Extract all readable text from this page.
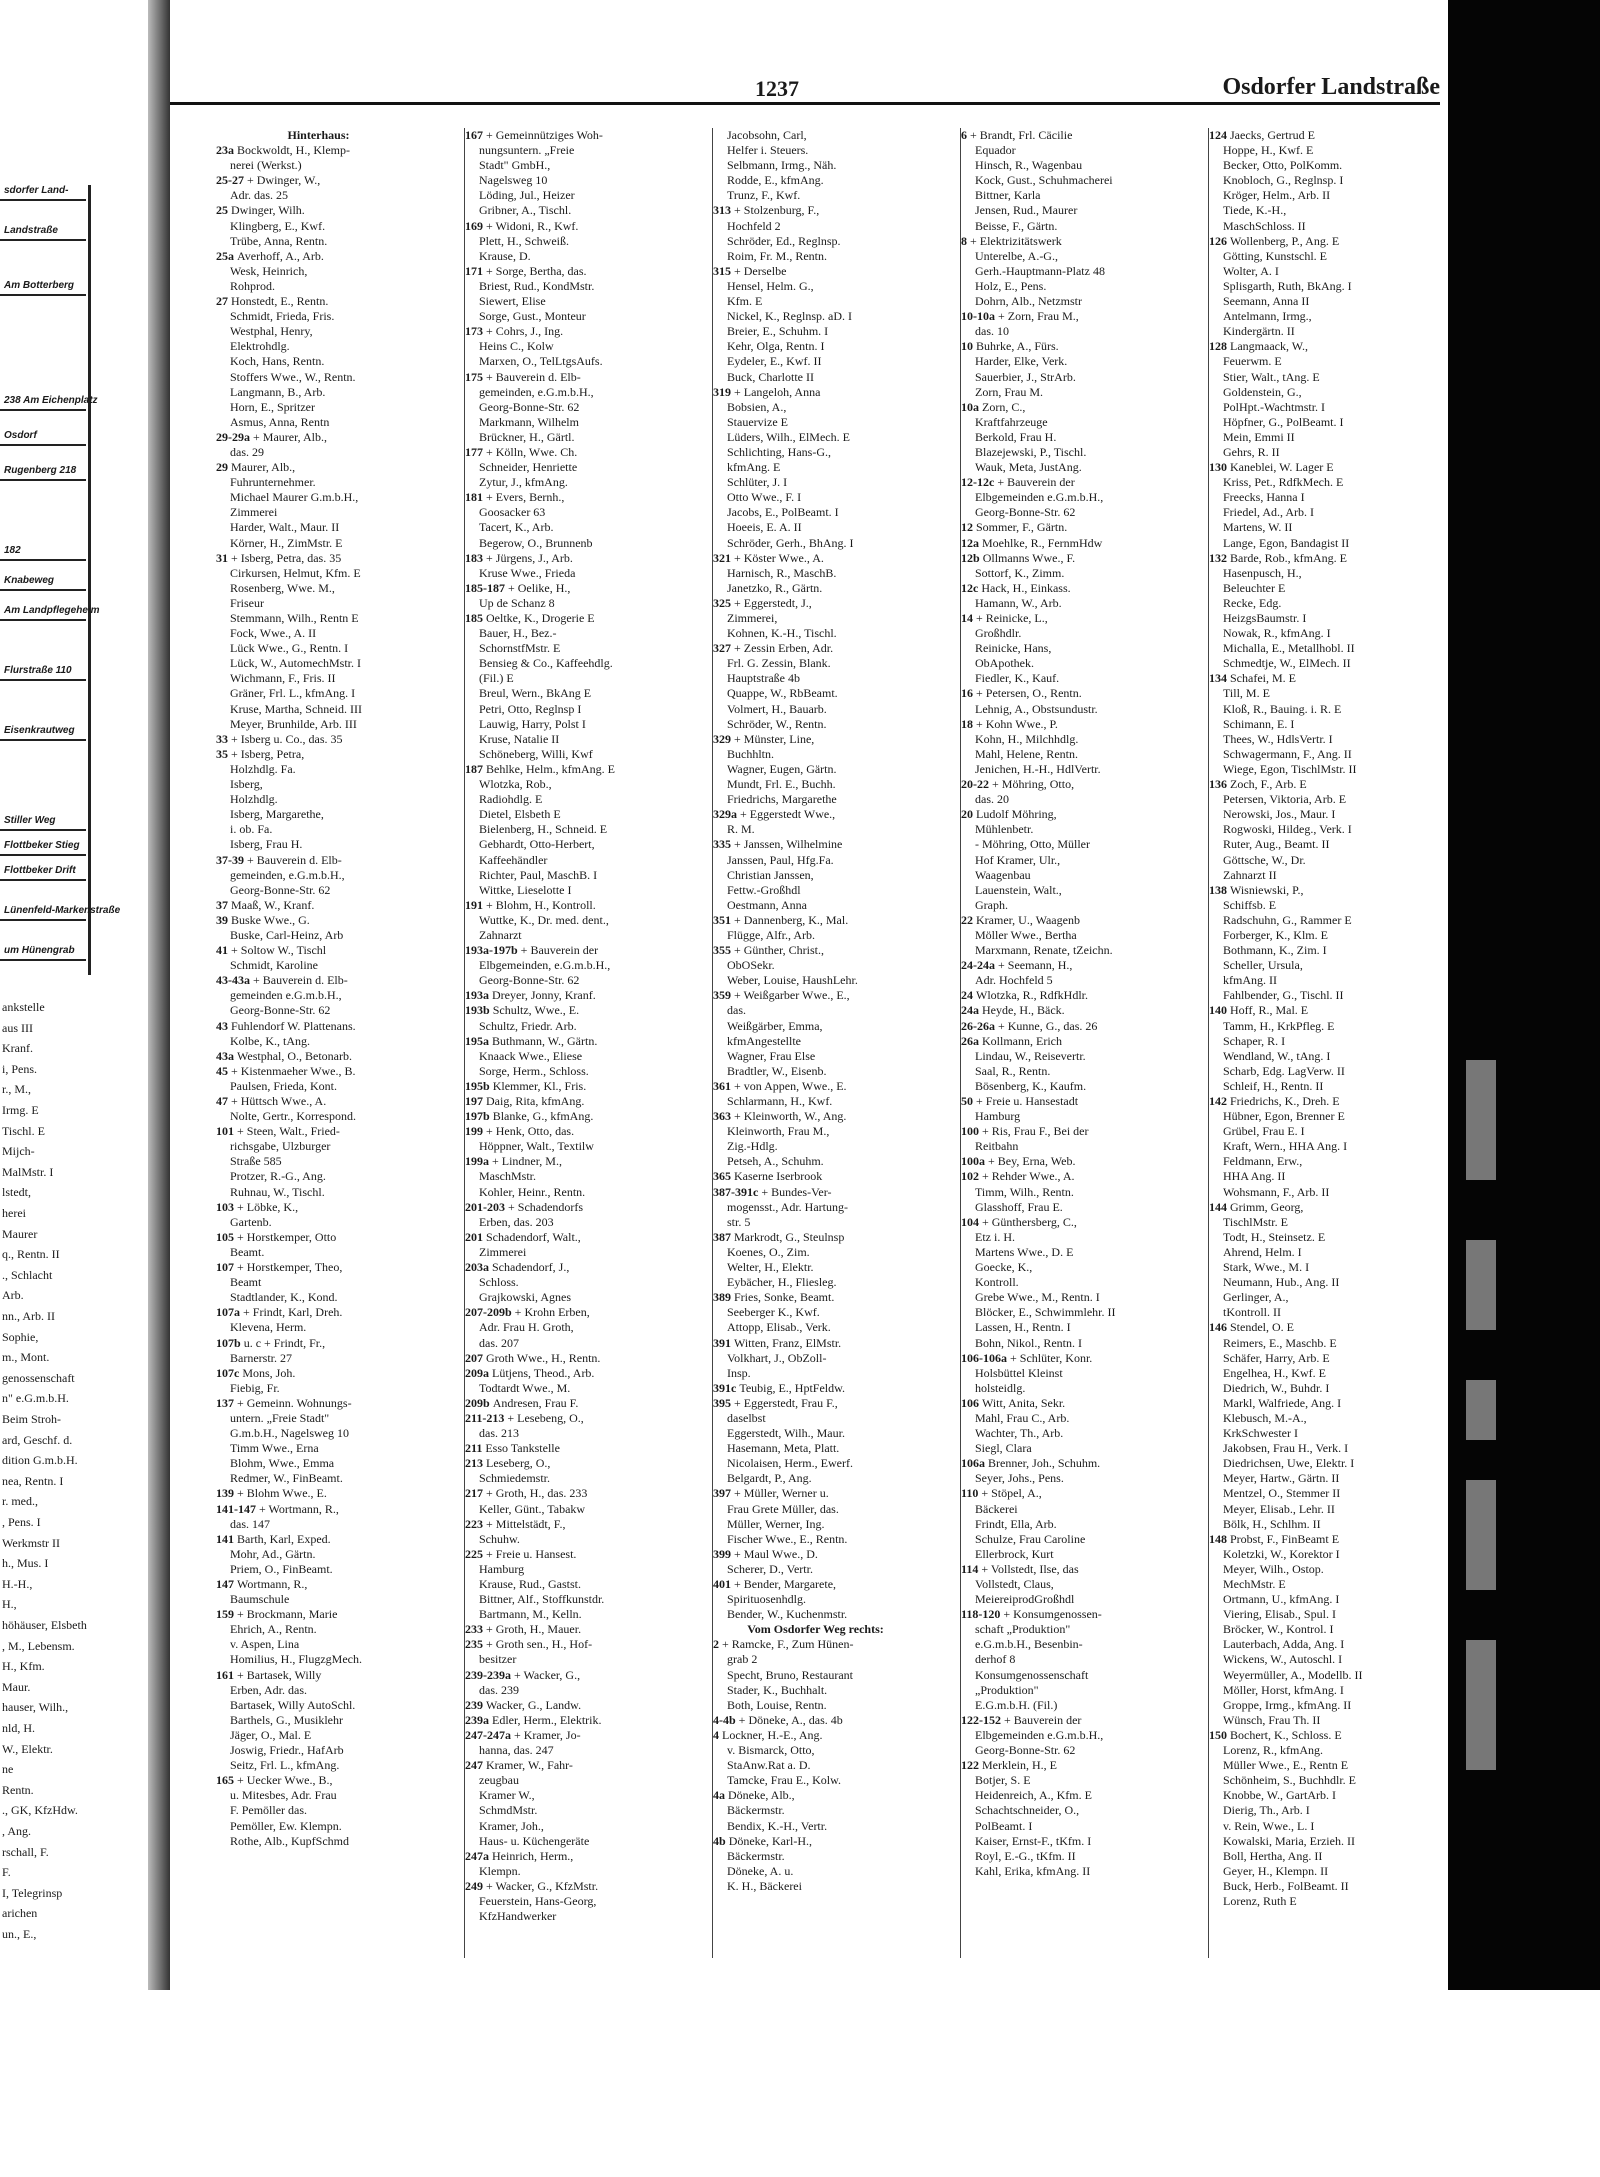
sdorfer Land-
Landstraße
Am Botterberg
238 Am Eichenplatz
Osdorf
Rugenberg 218
182
Knabeweg
Am Landpflegeheim
Flurstraße 110
Eisenkrautweg
Stiller Weg
Flottbeker Stieg
Flottbeker Drift
Lünenfeld-Markenstraße
um Hünengrab
ankstelle
aus III
Kranf.
i, Pens.
r., M.,
Irmg. E
Tischl. E
Mijch-
MalMstr. I
lstedt,
herei
Maurer
q., Rentn. II
., Schlacht
Arb.
nn., Arb. II
Sophie,
m., Mont.
genossenschaft
n" e.G.m.b.H.
Beim Stroh-
ard, Geschf. d.
dition G.m.b.H.
nea, Rentn. I
r. med.,
, Pens. I
Werkmstr II
h., Mus. I
H.-H.,
H.,
höhäuser, Elsbeth
, M., Lebensm.
H., Kfm.
Maur.
hauser, Wilh.,
nld, H.
W., Elektr.
ne
Rentn.
., GK, KfzHdw.
, Ang.
rschall, F.
F.
I, Telegrinsp
arichen
un., E.,
1237	Osdorfer Landstraße
Hinterhaus:
23a Bockwoldt, H., Klemp-
nerei (Werkst.)
25-27 + Dwinger, W.,
Adr. das. 25
25 Dwinger, Wilh.
Klingberg, E., Kwf.
Trübe, Anna, Rentn.
25a Averhoff, A., Arb.
Wesk, Heinrich,
Rohprod.
27 Honstedt, E., Rentn.
Schmidt, Frieda, Fris.
Westphal, Henry,
Elektrohdlg.
Koch, Hans, Rentn.
Stoffers Wwe., W., Rentn.
Langmann, B., Arb.
Horn, E., Spritzer
Asmus, Anna, Rentn
29-29a + Maurer, Alb.,
das. 29
29 Maurer, Alb.,
Fuhrunternehmer.
Michael Maurer G.m.b.H.,
Zimmerei
Harder, Walt., Maur. II
Körner, H., ZimMstr. E
31 + Isberg, Petra, das. 35
Cirkursen, Helmut, Kfm. E
Rosenberg, Wwe. M.,
Friseur
Stemmann, Wilh., Rentn E
Fock, Wwe., A. II
Lück Wwe., G., Rentn. I
Lück, W., AutomechMstr. I
Wichmann, F., Fris. II
Gräner, Frl. L., kfmAng. I
Kruse, Martha, Schneid. III
Meyer, Brunhilde, Arb. III
33 + Isberg u. Co., das. 35
35 + Isberg, Petra,
Holzhdlg. Fa.
Isberg,
Holzhdlg.
Isberg, Margarethe,
i. ob. Fa.
Isberg, Frau H.
37-39 + Bauverein d. Elb-
gemeinden, e.G.m.b.H.,
Georg-Bonne-Str. 62
37 Maaß, W., Kranf.
39 Buske Wwe., G.
Buske, Carl-Heinz, Arb
41 + Soltow W., Tischl
Schmidt, Karoline
43-43a + Bauverein d. Elb-
gemeinden e.G.m.b.H.,
Georg-Bonne-Str. 62
43 Fuhlendorf W. Plattenans.
Kolbe, K., tAng.
43a Westphal, O., Betonarb.
45 + Kistenmaeher Wwe., B.
Paulsen, Frieda, Kont.
47 + Hüttsch Wwe., A.
Nolte, Gertr., Korrespond.
101 + Steen, Walt., Fried-
richsgabe, Ulzburger
Straße 585
Protzer, R.-G., Ang.
Ruhnau, W., Tischl.
103 + Löbke, K.,
Gartenb.
105 + Horstkemper, Otto
Beamt.
107 + Horstkemper, Theo,
Beamt
Stadtlander, K., Kond.
107a + Frindt, Karl, Dreh.
Klevena, Herm.
107b u. c + Frindt, Fr.,
Barnerstr. 27
107c Mons, Joh.
Fiebig, Fr.
137 + Gemeinn. Wohnungs-
untern. „Freie Stadt"
G.m.b.H., Nagelsweg 10
Timm Wwe., Erna
Blohm, Wwe., Emma
Redmer, W., FinBeamt.
139 + Blohm Wwe., E.
141-147 + Wortmann, R.,
das. 147
141 Barth, Karl, Exped.
Mohr, Ad., Gärtn.
Priem, O., FinBeamt.
147 Wortmann, R.,
Baumschule
159 + Brockmann, Marie
Ehrich, A., Rentn.
v. Aspen, Lina
Homilius, H., FlugzgMech.
161 + Bartasek, Willy
Erben, Adr. das.
Bartasek, Willy AutoSchl.
Barthels, G., Musiklehr
Jäger, O., Mal. E
Joswig, Friedr., HafArb
Seitz, Frl. L., kfmAng.
165 + Uecker Wwe., B.,
u. Mitesbes, Adr. Frau
F. Pemöller das.
Pemöller, Ew. Klempn.
Rothe, Alb., KupfSchmd
167 + Gemeinnütziges Woh-
nungsuntern. „Freie
Stadt" GmbH.,
Nagelsweg 10
Löding, Jul., Heizer
Gribner, A., Tischl.
169 + Widoni, R., Kwf.
Plett, H., Schweiß.
Krause, D.
171 + Sorge, Bertha, das.
Briest, Rud., KondMstr.
Siewert, Elise
Sorge, Gust., Monteur
173 + Cohrs, J., Ing.
Heins C., Kolw
Marxen, O., TelLtgsAufs.
175 + Bauverein d. Elb-
gemeinden, e.G.m.b.H.,
Georg-Bonne-Str. 62
Markmann, Wilhelm
Brückner, H., Gärtl.
177 + Kölln, Wwe. Ch.
Schneider, Henriette
Zytur, J., kfmAng.
181 + Evers, Bernh.,
Goosacker 63
Tacert, K., Arb.
Begerow, O., Brunnenb
183 + Jürgens, J., Arb.
Kruse Wwe., Frieda
185-187 + Oelike, H.,
Up de Schanz 8
185 Oeltke, K., Drogerie E
Bauer, H., Bez.-
SchornstfMstr. E
Bensieg & Co., Kaffeehdlg.
(Fil.) E
Breul, Wern., BkAng E
Petri, Otto, Reglnsp I
Lauwig, Harry, Polst I
Kruse, Natalie II
Schöneberg, Willi, Kwf
187 Behlke, Helm., kfmAng. E
Wlotzka, Rob.,
Radiohdlg. E
Dietel, Elsbeth E
Bielenberg, H., Schneid. E
Gebhardt, Otto-Herbert,
Kaffeehändler
Richter, Paul, MaschB. I
Wittke, Lieselotte I
191 + Blohm, H., Kontroll.
Wuttke, K., Dr. med. dent.,
Zahnarzt
193a-197b + Bauverein der
Elbgemeinden, e.G.m.b.H.,
Georg-Bonne-Str. 62
193a Dreyer, Jonny, Kranf.
193b Schultz, Wwe., E.
Schultz, Friedr. Arb.
195a Buthmann, W., Gärtn.
Knaack Wwe., Eliese
Sorge, Herm., Schloss.
195b Klemmer, Kl., Fris.
197 Daig, Rita, kfmAng.
197b Blanke, G., kfmAng.
199 + Henk, Otto, das.
Höppner, Walt., Textilw
199a + Lindner, M.,
MaschMstr.
Kohler, Heinr., Rentn.
201-203 + Schadendorfs
Erben, das. 203
201 Schadendorf, Walt.,
Zimmerei
203a Schadendorf, J.,
Schloss.
Grajkowski, Agnes
207-209b + Krohn Erben,
Adr. Frau H. Groth,
das. 207
207 Groth Wwe., H., Rentn.
209a Lütjens, Theod., Arb.
Todtardt Wwe., M.
209b Andresen, Frau F.
211-213 + Lesebeng, O.,
das. 213
211 Esso Tankstelle
213 Leseberg, O.,
Schmiedemstr.
217 + Groth, H., das. 233
Keller, Günt., Tabakw
223 + Mittelstädt, F.,
Schuhw.
225 + Freie u. Hansest.
Hamburg
Krause, Rud., Gastst.
Bittner, Alf., Stoffkunstdr.
Bartmann, M., Kelln.
233 + Groth, H., Mauer.
235 + Groth sen., H., Hof-
besitzer
239-239a + Wacker, G.,
das. 239
239 Wacker, G., Landw.
239a Edler, Herm., Elektrik.
247-247a + Kramer, Jo-
hanna, das. 247
247 Kramer, W., Fahr-
zeugbau
Kramer W.,
SchmdMstr.
Kramer, Joh.,
Haus- u. Küchengeräte
247a Heinrich, Herm.,
Klempn.
249 + Wacker, G., KfzMstr.
Feuerstein, Hans-Georg,
KfzHandwerker
Jacobsohn, Carl,
Helfer i. Steuers.
Selbmann, Irmg., Näh.
Rodde, E., kfmAng.
Trunz, F., Kwf.
313 + Stolzenburg, F.,
Hochfeld 2
Schröder, Ed., Reglnsp.
Roim, Fr. M., Rentn.
315 + Derselbe
Hensel, Helm. G.,
Kfm. E
Nickel, K., Reglnsp. aD. I
Breier, E., Schuhm. I
Kehr, Olga, Rentn. I
Eydeler, E., Kwf. II
Buck, Charlotte II
319 + Langeloh, Anna
Bobsien, A.,
Stauervize E
Lüders, Wilh., ElMech. E
Schlichting, Hans-G.,
kfmAng. E
Schlüter, J. I
Otto Wwe., F. I
Jacobs, E., PolBeamt. I
Hoeeis, E. A. II
Schröder, Gerh., BhAng. I
321 + Köster Wwe., A.
Harnisch, R., MaschB.
Janetzko, R., Gärtn.
325 + Eggerstedt, J.,
Zimmerei,
Kohnen, K.-H., Tischl.
327 + Zessin Erben, Adr.
Frl. G. Zessin, Blank.
Hauptstraße 4b
Quappe, W., RbBeamt.
Volmert, H., Bauarb.
Schröder, W., Rentn.
329 + Münster, Line,
Buchhltn.
Wagner, Eugen, Gärtn.
Mundt, Frl. E., Buchh.
Friedrichs, Margarethe
329a + Eggerstedt Wwe.,
R. M.
335 + Janssen, Wilhelmine
Janssen, Paul, Hfg.Fa.
Christian Janssen,
Fettw.-Großhdl
Oestmann, Anna
351 + Dannenberg, K., Mal.
Flügge, Alfr., Arb.
355 + Günther, Christ.,
ObOSekr.
Weber, Louise, HaushLehr.
359 + Weißgarber Wwe., E.,
das.
Weißgärber, Emma,
kfmAngestellte
Wagner, Frau Else
Bradtler, W., Eisenb.
361 + von Appen, Wwe., E.
Schlarmann, H., Kwf.
363 + Kleinworth, W., Ang.
Kleinworth, Frau M.,
Zig.-Hdlg.
Petseh, A., Schuhm.
365 Kaserne Iserbrook
387-391c + Bundes-Ver-
mogensst., Adr. Hartung-
str. 5
387 Markrodt, G., Steulnsp
Koenes, O., Zim.
Welter, H., Elektr.
Eybächer, H., Fliesleg.
389 Fries, Sonke, Beamt.
Seeberger K., Kwf.
Attopp, Elisab., Verk.
391 Witten, Franz, ElMstr.
Volkhart, J., ObZoll-
Insp.
391c Teubig, E., HptFeldw.
395 + Eggerstedt, Frau F.,
daselbst
Eggerstedt, Wilh., Maur.
Hasemann, Meta, Platt.
Nicolaisen, Herm., Ewerf.
Belgardt, P., Ang.
397 + Müller, Werner u.
Frau Grete Müller, das.
Müller, Werner, Ing.
Fischer Wwe., E., Rentn.
399 + Maul Wwe., D.
Scherer, D., Vertr.
401 + Bender, Margarete,
Spirituosenhdlg.
Bender, W., Kuchenmstr.
Vom Osdorfer Weg rechts:
2 + Ramcke, F., Zum Hünen-
grab 2
Specht, Bruno, Restaurant
Stader, K., Buchhalt.
Both, Louise, Rentn.
4-4b + Döneke, A., das. 4b
4 Lockner, H.-E., Ang.
v. Bismarck, Otto,
StaAnw.Rat a. D.
Tamcke, Frau E., Kolw.
4a Döneke, Alb.,
Bäckermstr.
Bendix, K.-H., Vertr.
4b Döneke, Karl-H.,
Bäckermstr.
Döneke, A. u.
K. H., Bäckerei
6 + Brandt, Frl. Cäcilie
Equador
Hinsch, R., Wagenbau
Kock, Gust., Schuhmacherei
Bittner, Karla
Jensen, Rud., Maurer
Beisse, F., Gärtn.
8 + Elektrizitätswerk
Unterelbe, A.-G.,
Gerh.-Hauptmann-Platz 48
Holz, E., Pens.
Dohrn, Alb., Netzmstr
10-10a + Zorn, Frau M.,
das. 10
10 Buhrke, A., Fürs.
Harder, Elke, Verk.
Sauerbier, J., StrArb.
Zorn, Frau M.
10a Zorn, C.,
Kraftfahrzeuge
Berkold, Frau H.
Blazejewski, P., Tischl.
Wauk, Meta, JustAng.
12-12c + Bauverein der
Elbgemeinden e.G.m.b.H.,
Georg-Bonne-Str. 62
12 Sommer, F., Gärtn.
12a Moehlke, R., FernmHdw
12b Ollmanns Wwe., F.
Sottorf, K., Zimm.
12c Hack, H., Einkass.
Hamann, W., Arb.
14 + Reinicke, L.,
Großhdlr.
Reinicke, Hans,
ObApothek.
Fiedler, K., Kauf.
16 + Petersen, O., Rentn.
Lehnig, A., Obstsundustr.
18 + Kohn Wwe., P.
Kohn, H., Milchhdlg.
Mahl, Helene, Rentn.
Jenichen, H.-H., HdlVertr.
20-22 + Möhring, Otto,
das. 20
20 Ludolf Möhring,
Mühlenbetr.
- Möhring, Otto, Müller
Hof Kramer, Ulr.,
Waagenbau
Lauenstein, Walt.,
Graph.
22 Kramer, U., Waagenb
Möller Wwe., Bertha
Marxmann, Renate, tZeichn.
24-24a + Seemann, H.,
Adr. Hochfeld 5
24 Wlotzka, R., RdfkHdlr.
24a Heyde, H., Bäck.
26-26a + Kunne, G., das. 26
26a Kollmann, Erich
Lindau, W., Reisevertr.
Saal, R., Rentn.
Bösenberg, K., Kaufm.
50 + Freie u. Hansestadt
Hamburg
100 + Ris, Frau F., Bei der
Reitbahn
100a + Bey, Erna, Web.
102 + Rehder Wwe., A.
Timm, Wilh., Rentn.
Glasshoff, Frau E.
104 + Günthersberg, C.,
Etz i. H.
Martens Wwe., D. E
Goecke, K.,
Kontroll.
Grebe Wwe., M., Rentn. I
Blöcker, E., Schwimmlehr. II
Lassen, H., Rentn. I
Bohn, Nikol., Rentn. I
106-106a + Schlüter, Konr.
Holsbüttel Kleinst
holsteidlg.
106 Witt, Anita, Sekr.
Mahl, Frau C., Arb.
Wachter, Th., Arb.
Siegl, Clara
106a Brenner, Joh., Schuhm.
Seyer, Johs., Pens.
110 + Stöpel, A.,
Bäckerei
Frindt, Ella, Arb.
Schulze, Frau Caroline
Ellerbrock, Kurt
114 + Vollstedt, Ilse, das
Vollstedt, Claus,
MeiereiprodGroßhdl
118-120 + Konsumgenossen-
schaft „Produktion"
e.G.m.b.H., Besenbin-
derhof 8
Konsumgenossenschaft
„Produktion"
E.G.m.b.H. (Fil.)
122-152 + Bauverein der
Elbgemeinden e.G.m.b.H.,
Georg-Bonne-Str. 62
122 Merklein, H., E
Botjer, S. E
Heidenreich, A., Kfm. E
Schachtschneider, O.,
PolBeamt. I
Kaiser, Ernst-F., tKfm. I
Royl, E.-G., tKfm. II
Kahl, Erika, kfmAng. II
124 Jaecks, Gertrud E
Hoppe, H., Kwf. E
Becker, Otto, PolKomm.
Knobloch, G., Reglnsp. I
Kröger, Helm., Arb. II
Tiede, K.-H.,
MaschSchloss. II
126 Wollenberg, P., Ang. E
Götting, Kunstschl. E
Wolter, A. I
Splisgarth, Ruth, BkAng. I
Seemann, Anna II
Antelmann, Irmg.,
Kindergärtn. II
128 Langmaack, W.,
Feuerwm. E
Stier, Walt., tAng. E
Goldenstein, G.,
PolHpt.-Wachtmstr. I
Höpfner, G., PolBeamt. I
Mein, Emmi II
Gehrs, R. II
130 Kaneblei, W. Lager E
Kriss, Pet., RdfkMech. E
Freecks, Hanna I
Friedel, Ad., Arb. I
Martens, W. II
Lange, Egon, Bandagist II
132 Barde, Rob., kfmAng. E
Hasenpusch, H.,
Beleuchter E
Recke, Edg.
HeizgsBaumstr. I
Nowak, R., kfmAng. I
Michalla, E., Metallhobl. II
Schmedtje, W., ElMech. II
134 Schafei, M. E
Till, M. E
Kloß, R., Bauing. i. R. E
Schimann, E. I
Thees, W., HdlsVertr. I
Schwagermann, F., Ang. II
Wiege, Egon, TischlMstr. II
136 Zoch, F., Arb. E
Petersen, Viktoria, Arb. E
Nerowski, Jos., Maur. I
Rogwoski, Hildeg., Verk. I
Ruter, Aug., Beamt. II
Göttsche, W., Dr.
Zahnarzt II
138 Wisniewski, P.,
Schiffsb. E
Radschuhn, G., Rammer E
Forberger, K., Klm. E
Bothmann, K., Zim. I
Scheller, Ursula,
kfmAng. II
Fahlbender, G., Tischl. II
140 Hoff, R., Mal. E
Tamm, H., KrkPfleg. E
Schaper, R. I
Wendland, W., tAng. I
Scharb, Edg. LagVerw. II
Schleif, H., Rentn. II
142 Friedrichs, K., Dreh. E
Hübner, Egon, Brenner E
Grübel, Frau E. I
Kraft, Wern., HHA Ang. I
Feldmann, Erw.,
HHA Ang. II
Wohsmann, F., Arb. II
144 Grimm, Georg,
TischlMstr. E
Todt, H., Steinsetz. E
Ahrend, Helm. I
Stark, Wwe., M. I
Neumann, Hub., Ang. II
Gerlinger, A.,
tKontroll. II
146 Stendel, O. E
Reimers, E., Maschb. E
Schäfer, Harry, Arb. E
Engelhea, H., Kwf. E
Diedrich, W., Buhdr. I
Markl, Walfriede, Ang. I
Klebusch, M.-A.,
KrkSchwester I
Jakobsen, Frau H., Verk. I
Diedrichsen, Uwe, Elektr. I
Meyer, Hartw., Gärtn. II
Mentzel, O., Stemmer II
Meyer, Elisab., Lehr. II
Bölk, H., Schlhm. II
148 Probst, F., FinBeamt E
Koletzki, W., Korektor I
Meyer, Wilh., Ostop.
MechMstr. E
Ortmann, U., kfmAng. I
Viering, Elisab., Spul. I
Bröcker, W., Kontrol. I
Lauterbach, Adda, Ang. I
Wickens, W., Autoschl. I
Weyermüller, A., Modellb. II
Möller, Horst, kfmAng. I
Groppe, Irmg., kfmAng. II
Wünsch, Frau Th. II
150 Bochert, K., Schloss. E
Lorenz, R., kfmAng.
Müller Wwe., E., Rentn E
Schönheim, S., Buchhdlr. E
Knobbe, W., GartArb. I
Dierig, Th., Arb. I
v. Rein, Wwe., L. I
Kowalski, Maria, Erzieh. II
Boll, Hertha, Ang. II
Geyer, H., Klempn. II
Buck, Herb., FolBeamt. II
Lorenz, Ruth E
